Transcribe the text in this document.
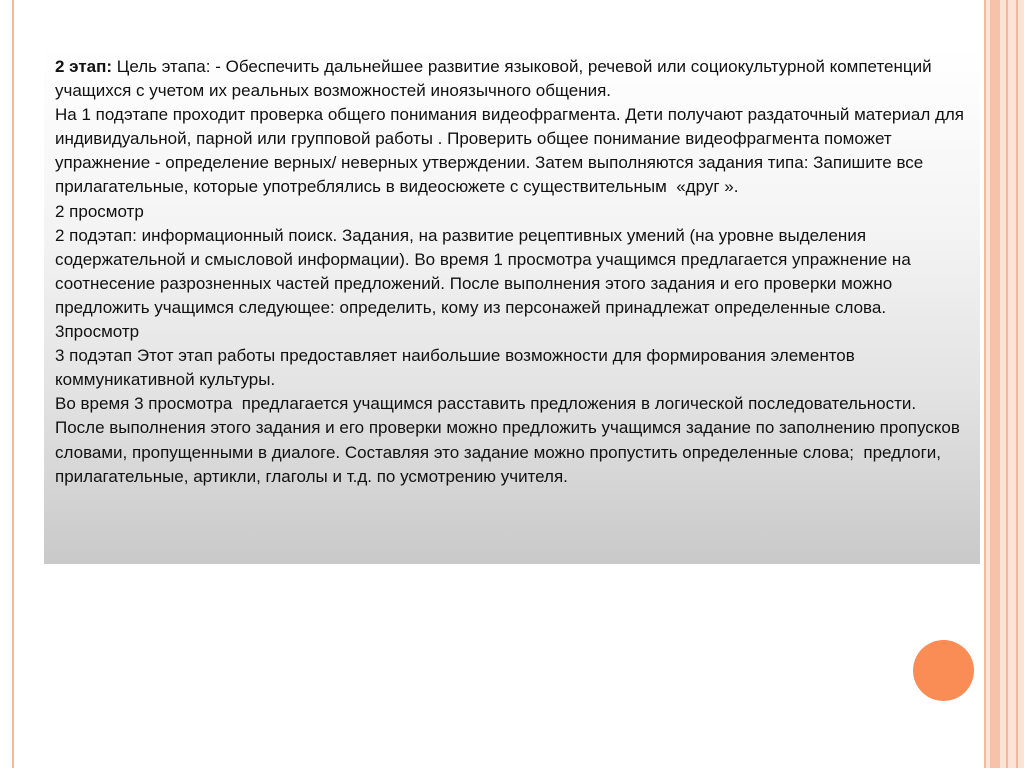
2 этап: Цель этапа: - Обеспечить дальнейшее развитие языковой, речевой или социокультурной компетенций учащихся с учетом их реальных возможностей иноязычного общения.

На 1 подэтапе проходит проверка общего понимания видеофрагмента. Дети получают раздаточный материал для индивидуальной, парной или групповой работы . Проверить общее понимание видеофрагмента поможет упражнение - определение верных/ неверных утверждении. Затем выполняются задания типа: Запишите все прилагательные, которые употреблялись в видеосюжете с существительным  «друг ».

2 просмотр

2 подэтап: информационный поиск. Задания, на развитие рецептивных умений (на уровне выделения содержательной и смысловой информации). Во время 1 просмотра учащимся предлагается упражнение на соотнесение разрозненных частей предложений. После выполнения этого задания и его проверки можно предложить учащимся следующее: определить, кому из персонажей принадлежат определенные слова.

3просмотр

3 подэтап Этот этап работы предоставляет наибольшие возможности для формирования элементов коммуникативной культуры.

Во время 3 просмотра  предлагается учащимся расставить предложения в логической последовательности.  После выполнения этого задания и его проверки можно предложить учащимся задание по заполнению пропусков словами, пропущенными в диалоге. Составляя это задание можно пропустить определенные слова;  предлоги, прилагательные, артикли, глаголы и т.д. по усмотрению учителя.
